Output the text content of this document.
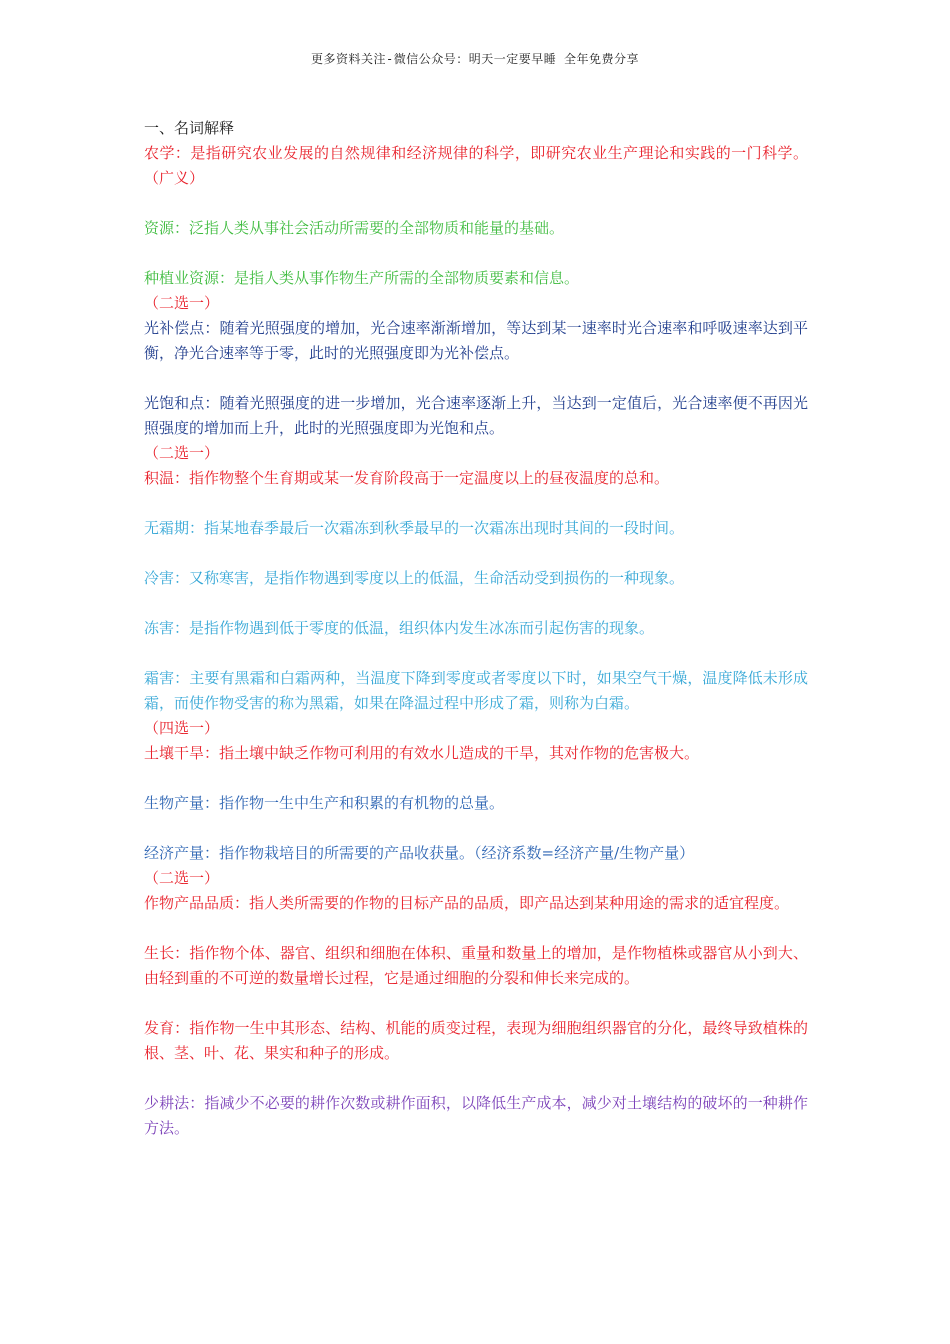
更多资料关注-微信公众号：明天一定要早睡 全年免费分享

一、名词解释

农学：是指研究农业发展的自然规律和经济规律的科学，即研究农业生产理论和实践的一门科学。（广义）

资源：泛指人类从事社会活动所需要的全部物质和能量的基础。

种植业资源：是指人类从事作物生产所需的全部物质要素和信息。

（二选一）

光补偿点：随着光照强度的增加，光合速率渐渐增加，等达到某一速率时光合速率和呼吸速率达到平衡，净光合速率等于零，此时的光照强度即为光补偿点。

光饱和点：随着光照强度的进一步增加，光合速率逐渐上升，当达到一定值后，光合速率便不再因光照强度的增加而上升，此时的光照强度即为光饱和点。

（二选一）

积温：指作物整个生育期或某一发育阶段高于一定温度以上的昼夜温度的总和。

无霜期：指某地春季最后一次霜冻到秋季最早的一次霜冻出现时其间的一段时间。

冷害：又称寒害，是指作物遇到零度以上的低温，生命活动受到损伤的一种现象。

冻害：是指作物遇到低于零度的低温，组织体内发生冰冻而引起伤害的现象。

霜害：主要有黑霜和白霜两种，当温度下降到零度或者零度以下时，如果空气干燥，温度降低未形成霜，而使作物受害的称为黑霜，如果在降温过程中形成了霜，则称为白霜。

（四选一）

土壤干旱：指土壤中缺乏作物可利用的有效水儿造成的干旱，其对作物的危害极大。

生物产量：指作物一生中生产和积累的有机物的总量。

经济产量：指作物栽培目的所需要的产品收获量。（经济系数=经济产量/生物产量）

（二选一）

作物产品品质：指人类所需要的作物的目标产品的品质，即产品达到某种用途的需求的适宜程度。

生长：指作物个体、器官、组织和细胞在体积、重量和数量上的增加，是作物植株或器官从小到大、由轻到重的不可逆的数量增长过程，它是通过细胞的分裂和伸长来完成的。

发育：指作物一生中其形态、结构、机能的质变过程，表现为细胞组织器官的分化，最终导致植株的根、茎、叶、花、果实和种子的形成。

少耕法：指减少不必要的耕作次数或耕作面积，以降低生产成本，减少对土壤结构的破坏的一种耕作方法。
